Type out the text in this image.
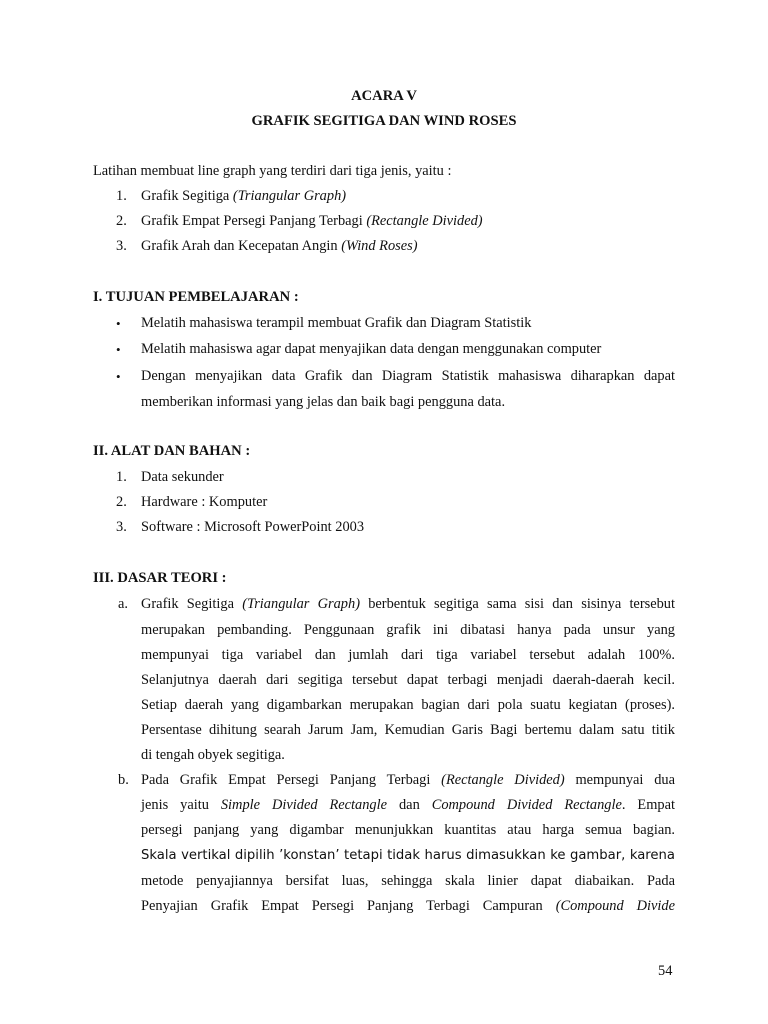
ACARA V
GRAFIK SEGITIGA DAN WIND ROSES
Latihan membuat line graph yang terdiri dari tiga jenis, yaitu :
1. Grafik Segitiga (Triangular Graph)
2. Grafik Empat Persegi Panjang Terbagi (Rectangle Divided)
3. Grafik Arah dan Kecepatan Angin (Wind Roses)
I. TUJUAN PEMBELAJARAN :
• Melatih mahasiswa terampil membuat Grafik dan Diagram Statistik
• Melatih mahasiswa agar dapat menyajikan data dengan menggunakan computer
• Dengan menyajikan data Grafik dan Diagram Statistik mahasiswa diharapkan dapat
memberikan informasi yang jelas dan baik bagi pengguna data.
II. ALAT DAN BAHAN :
1. Data sekunder
2. Hardware : Komputer
3. Software : Microsoft PowerPoint 2003
III. DASAR TEORI :
a. Grafik Segitiga (Triangular Graph) berbentuk segitiga sama sisi dan sisinya tersebut
merupakan pembanding. Penggunaan grafik ini dibatasi hanya pada unsur yang
mempunyai tiga variabel dan jumlah dari tiga variabel tersebut adalah 100%.
Selanjutnya daerah dari segitiga tersebut dapat terbagi menjadi daerah-daerah kecil.
Setiap daerah yang digambarkan merupakan bagian dari pola suatu kegiatan (proses).
Persentase dihitung searah Jarum Jam, Kemudian Garis Bagi bertemu dalam satu titik
di tengah obyek segitiga.
b. Pada Grafik Empat Persegi Panjang Terbagi (Rectangle Divided) mempunyai dua
jenis yaitu Simple Divided Rectangle dan Compound Divided Rectangle. Empat
persegi panjang yang digambar menunjukkan kuantitas atau harga semua bagian.
Skala vertikal dipilih ’konstan’ tetapi tidak harus dimasukkan ke gambar, karena
metode penyajiannya bersifat luas, sehingga skala linier dapat diabaikan. Pada
Penyajian Grafik Empat Persegi Panjang Terbagi Campuran (Compound Divide
54
